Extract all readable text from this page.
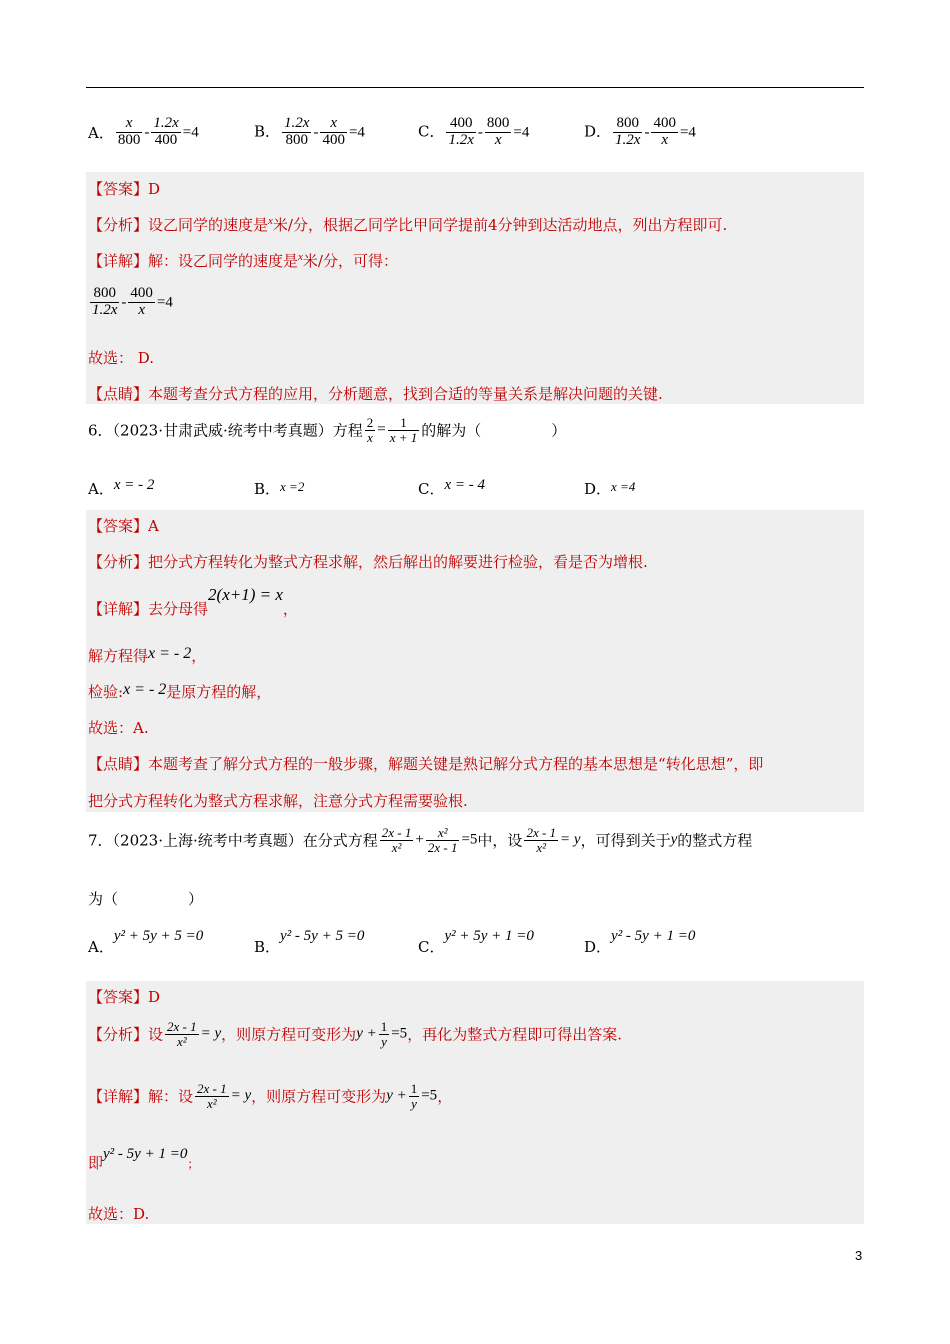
A． $\frac{x}{800} - \frac{1.2x}{400} =4$	B． $\frac{1.2x}{800} - \frac{x}{400} =4$	C． $\frac{400}{1.2x} - \frac{800}{x} =4$	D． $\frac{800}{1.2x} - \frac{400}{x} =4$
【答案】D
【分析】设乙同学的速度是$^x$米/分，根据乙同学比甲同学提前4分钟到达活动地点，列出方程即可.
【详解】解：设乙同学的速度是$^x$米/分，可得：
$\frac{800}{1.2x} - \frac{400}{x} =4$
故选： D.
【点睛】本题考查分式方程的应用，分析题意，找到合适的等量关系是解决问题的关键.
6．（2023·甘肃武威·统考中考真题）方程 $\frac{2}{x} = \frac{1}{x + 1}$ 的解为（	）
A．x = - 2	B．x =2	C．x = - 4	D．x =4
【答案】A
【分析】把分式方程转化为整式方程求解，然后解出的解要进行检验，看是否为增根.
【详解】去分母得2(x+1) = x，
解方程得x = - 2，
检验:x = - 2是原方程的解，
故选：A.
【点睛】本题考查了解分式方程的一般步骤，解题关键是熟记解分式方程的基本思想是“转化思想”，即
把分式方程转化为整式方程求解，注意分式方程需要验根.
7．（2023·上海·统考中考真题）在分式方程 $\frac{2x - 1}{\text{x²}} + \frac{\text{x²}}{2x - 1} =5$中，设 $\frac{2x - 1}{\text{x²}} = y$，可得到关于y的整式方程
为（	）
A．y² + 5y + 5 =0
B．y² - 5y + 5 =0
C．y² + 5y + 1 =0
D．y² - 5y + 1 =0
【答案】D
【分析】设 $\frac{2x - 1}{\text{x²}} = y$，则原方程可变形为$y + \frac{1}{y} =5$，再化为整式方程即可得出答案.
【详解】解：设 $\frac{2x - 1}{\text{x²}} = y$，则原方程可变形为$y + \frac{1}{y} =5$，
即y² - 5y + 1 =0；
故选：D.
3
